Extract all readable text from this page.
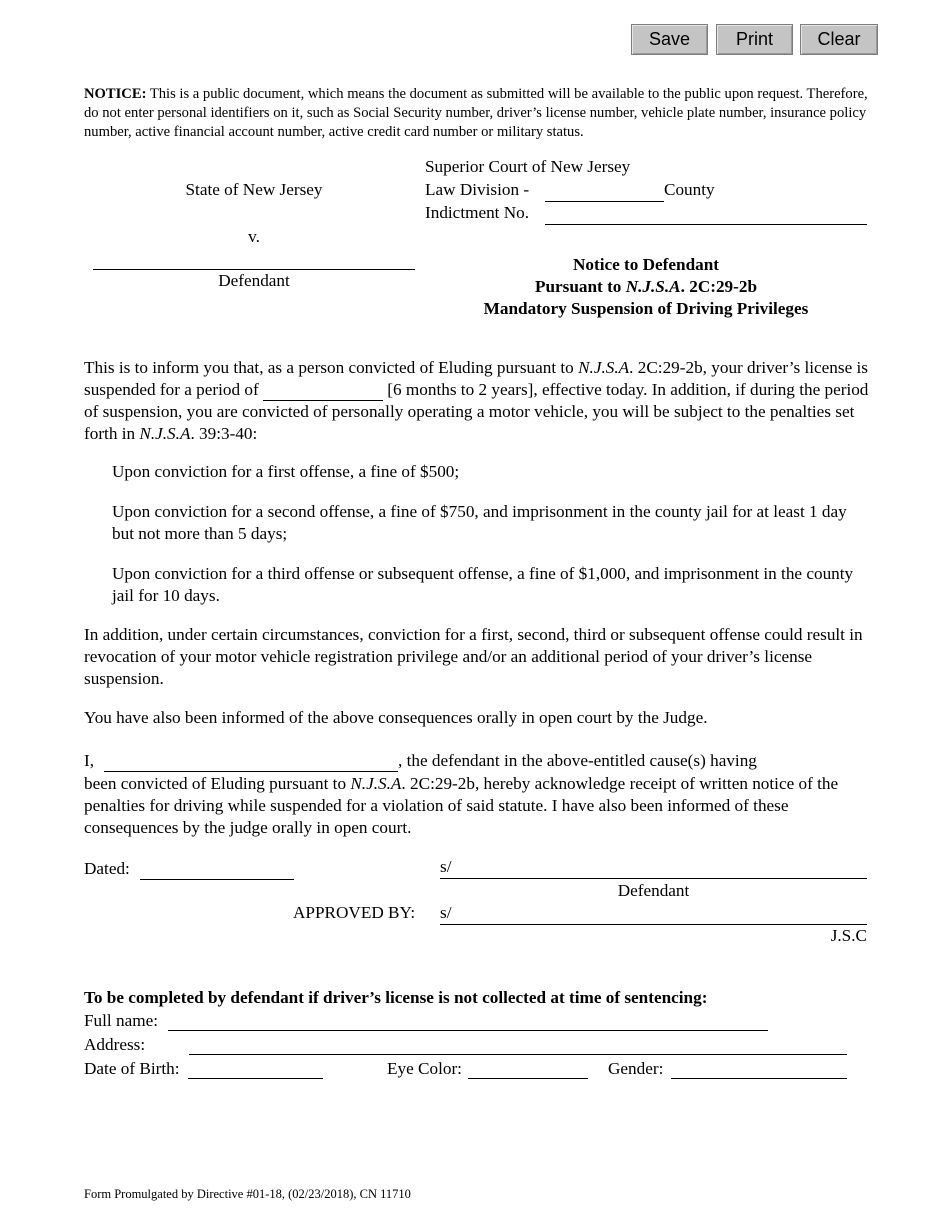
Save	Print	Clear
NOTICE: This is a public document, which means the document as submitted will be available to the public upon request. Therefore, do not enter personal identifiers on it, such as Social Security number, driver’s license number, vehicle plate number, insurance policy number, active financial account number, active credit card number or military status.
State of New Jersey
v.
Defendant
Superior Court of New Jersey
Law Division -	County
Indictment No.
Notice to Defendant
Pursuant to N.J.S.A. 2C:29-2b
Mandatory Suspension of Driving Privileges
This is to inform you that, as a person convicted of Eluding pursuant to N.J.S.A. 2C:29-2b, your driver’s license is suspended for a period of	[6 months to 2 years], effective today. In addition, if during the period of suspension, you are convicted of personally operating a motor vehicle, you will be subject to the penalties set forth in N.J.S.A. 39:3-40:
Upon conviction for a first offense, a fine of $500;
Upon conviction for a second offense, a fine of $750, and imprisonment in the county jail for at least 1 day but not more than 5 days;
Upon conviction for a third offense or subsequent offense, a fine of $1,000, and imprisonment in the county jail for 10 days.
In addition, under certain circumstances, conviction for a first, second, third or subsequent offense could result in revocation of your motor vehicle registration privilege and/or an additional period of your driver’s license suspension.
You have also been informed of the above consequences orally in open court by the Judge.
I,	, the defendant in the above-entitled cause(s) having
been convicted of Eluding pursuant to N.J.S.A. 2C:29-2b, hereby acknowledge receipt of written notice of the penalties for driving while suspended for a violation of said statute. I have also been informed of these consequences by the judge orally in open court.
Dated:	s/
Defendant
APPROVED BY: s/
J.S.C
To be completed by defendant if driver’s license is not collected at time of sentencing:
Full name:
Address:
Date of Birth:	Eye Color:	Gender:
Form Promulgated by Directive #01-18, (02/23/2018), CN 11710
